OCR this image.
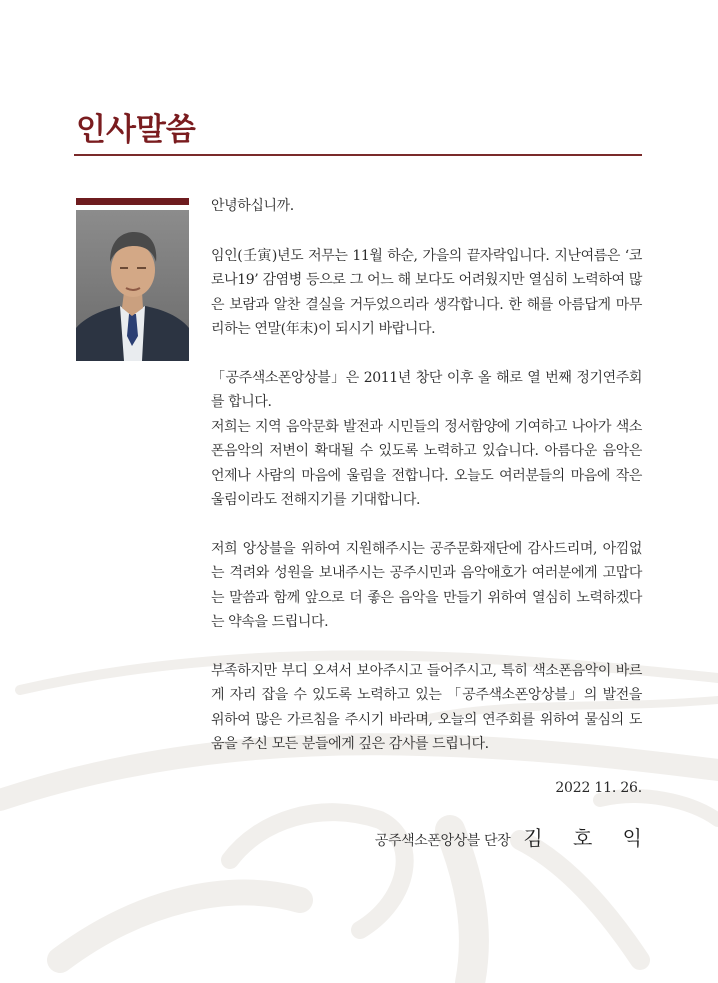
인사말씀

안녕하십니까.

임인(壬寅)년도 저무는 11월 하순, 가을의 끝자락입니다. 지난여름은 ‘코로나19’ 감염병 등으로 그 어느 해 보다도 어려웠지만 열심히 노력하여 많은 보람과 알찬 결실을 거두었으리라 생각합니다. 한 해를 아름답게 마무리하는 연말(年末)이 되시기 바랍니다.

「공주색소폰앙상블」은 2011년 창단 이후 올 해로 열 번째 정기연주회를 합니다.

저희는 지역 음악문화 발전과 시민들의 정서함양에 기여하고 나아가 색소폰음악의 저변이 확대될 수 있도록 노력하고 있습니다. 아름다운 음악은 언제나 사람의 마음에 울림을 전합니다. 오늘도 여러분들의 마음에 작은 울림이라도 전해지기를 기대합니다.

저희 앙상블을 위하여 지원해주시는 공주문화재단에 감사드리며, 아낌없는 격려와 성원을 보내주시는 공주시민과 음악애호가 여러분에게 고맙다는 말씀과 함께 앞으로 더 좋은 음악을 만들기 위하여 열심히 노력하겠다는 약속을 드립니다.

부족하지만 부디 오셔서 보아주시고 들어주시고, 특히 색소폰음악이 바르게 자리 잡을 수 있도록 노력하고 있는 「공주색소폰앙상블」의 발전을 위하여 많은 가르침을 주시기 바라며, 오늘의 연주회를 위하여 물심의 도움을 주신 모든 분들에게 깊은 감사를 드립니다.

2022 11. 26.

공주색소폰앙상블 단장 김 호 익
